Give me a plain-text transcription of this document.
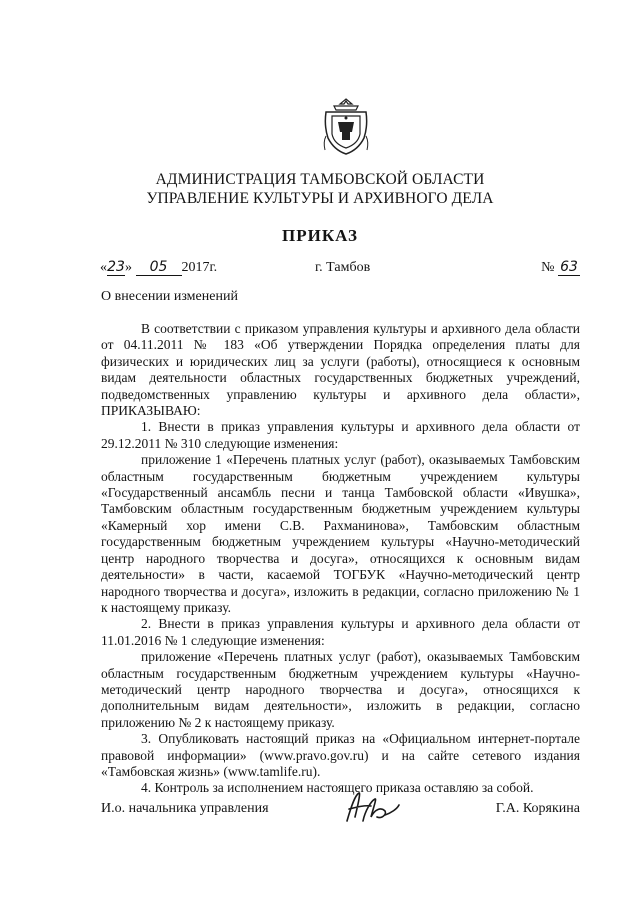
АДМИНИСТРАЦИЯ ТАМБОВСКОЙ ОБЛАСТИ
УПРАВЛЕНИЕ КУЛЬТУРЫ И АРХИВНОГО ДЕЛА
ПРИКАЗ
«23» 05 2017г.	г. Тамбов	№ 63
О внесении изменений

В соответствии с приказом управления культуры и архивного дела области от 04.11.2011 № 183 «Об утверждении Порядка определения платы для физических и юридических лиц за услуги (работы), относящиеся к основным видам деятельности областных государственных бюджетных учреждений, подведомственных управлению культуры и архивного дела области», ПРИКАЗЫВАЮ:

1. Внести в приказ управления культуры и архивного дела области от 29.12.2011 № 310 следующие изменения:

приложение 1 «Перечень платных услуг (работ), оказываемых Тамбовским областным государственным бюджетным учреждением культуры «Государственный ансамбль песни и танца Тамбовской области «Ивушка», Тамбовским областным государственным бюджетным учреждением культуры «Камерный хор имени С.В. Рахманинова», Тамбовским областным государственным бюджетным учреждением культуры «Научно-методический центр народного творчества и досуга», относящихся к основным видам деятельности» в части, касаемой ТОГБУК «Научно-методический центр народного творчества и досуга», изложить в редакции, согласно приложению № 1 к настоящему приказу.

2. Внести в приказ управления культуры и архивного дела области от 11.01.2016 № 1 следующие изменения:

приложение «Перечень платных услуг (работ), оказываемых Тамбовским областным государственным бюджетным учреждением культуры «Научно-методический центр народного творчества и досуга», относящихся к дополнительным видам деятельности», изложить в редакции, согласно приложению № 2 к настоящему приказу.

3. Опубликовать настоящий приказ на «Официальном интернет-портале правовой информации» (www.pravo.gov.ru) и на сайте сетевого издания «Тамбовская жизнь» (www.tamlife.ru).

4. Контроль за исполнением настоящего приказа оставляю за собой.

И.о. начальника управления	Г.А. Корякина
